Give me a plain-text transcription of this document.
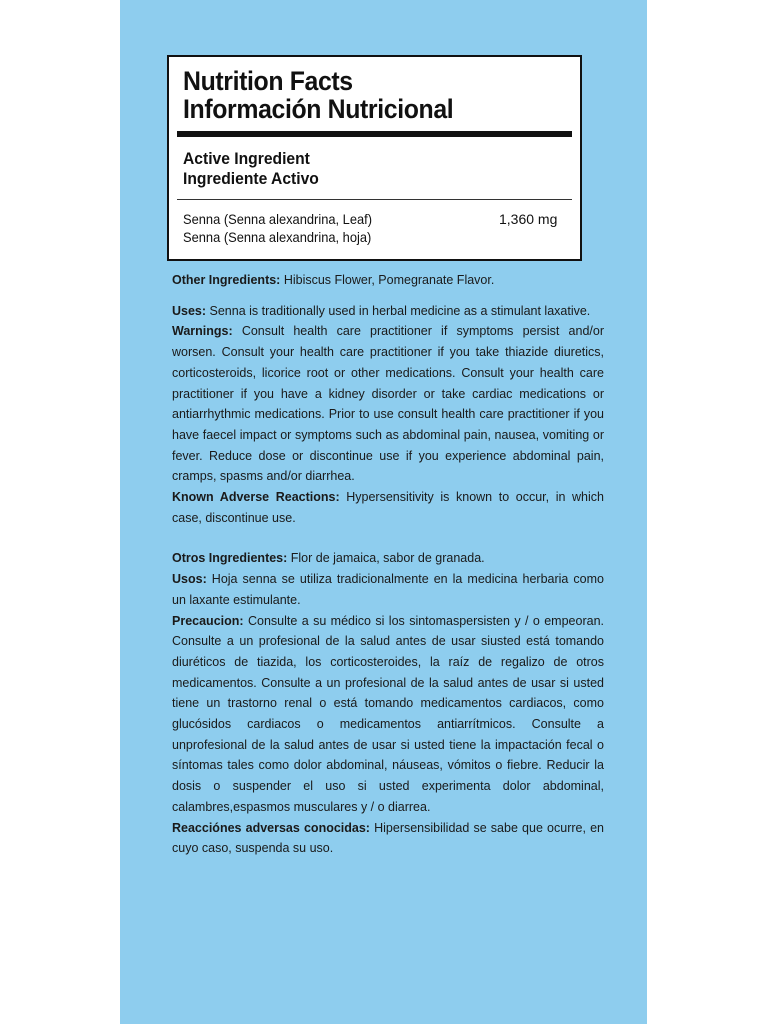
Nutrition Facts
Información Nutricional
Active Ingredient
Ingrediente Activo
Senna (Senna alexandrina, Leaf)
Senna (Senna alexandrina, hoja)
1,360 mg

Other Ingredients: Hibiscus Flower, Pomegranate Flavor.

Uses: Senna is traditionally used in herbal medicine as a stimulant laxative.

Warnings: Consult health care practitioner if symptoms persist and/or worsen. Consult your health care practitioner if you take thiazide diuretics, corticosteroids, licorice root or other medications. Consult your health care practitioner if you have a kidney disorder or take cardiac medications or antiarrhythmic medications. Prior to use consult health care practitioner if you have faecel impact or symptoms such as abdominal pain, nausea, vomiting or fever. Reduce dose or discontinue use if you experience abdominal pain, cramps, spasms and/or diarrhea.

Known Adverse Reactions: Hypersensitivity is known to occur, in which case, discontinue use.

Otros Ingredientes: Flor de jamaica, sabor de granada.

Usos: Hoja senna se utiliza tradicionalmente en la medicina herbaria como un laxante estimulante.

Precaucion: Consulte a su médico si los sintomaspersisten y / o empeoran. Consulte a un profesional de la salud antes de usar siusted está tomando diuréticos de tiazida, los corticosteroides, la raíz de regalizo de otros medicamentos. Consulte a un profesional de la salud antes de usar si usted tiene un trastorno renal o está tomando medicamentos cardiacos, como glucósidos cardiacos o medicamentos antiarrítmicos. Consulte a unprofesional de la salud antes de usar si usted tiene la impactación fecal o síntomas tales como dolor abdominal, náuseas, vómitos o fiebre. Reducir la dosis o suspender el uso si usted experimenta dolor abdominal, calambres,espasmos musculares y / o diarrea.

Reacciónes adversas conocidas: Hipersensibilidad se sabe que ocurre, en cuyo caso, suspenda su uso.
